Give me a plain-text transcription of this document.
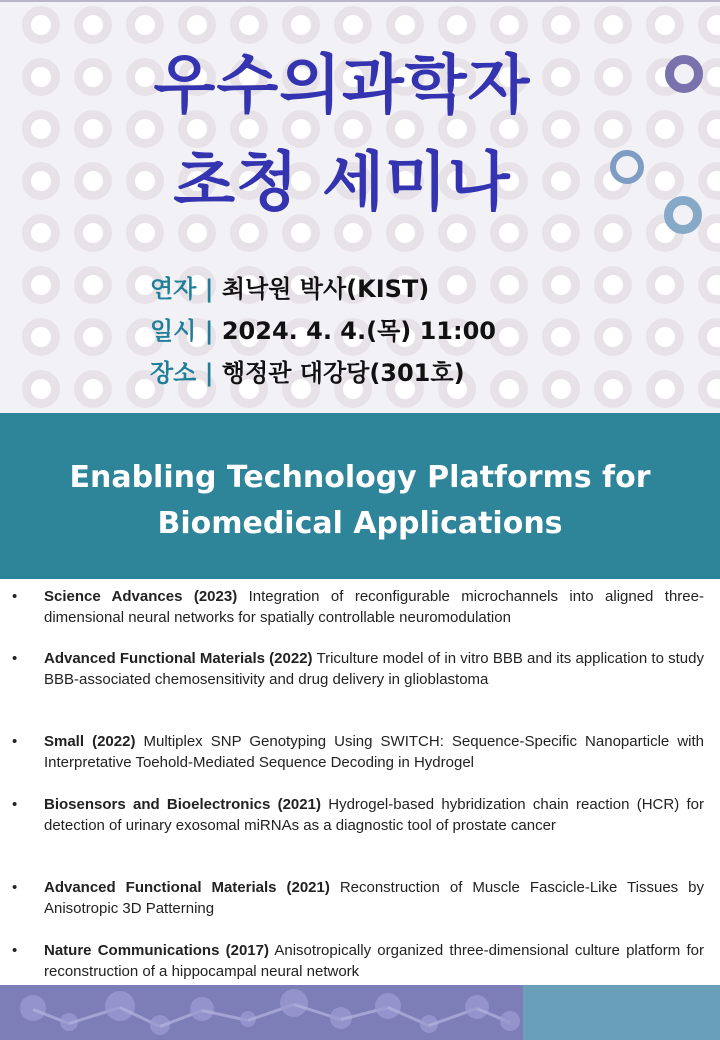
우수의과학자
초청 세미나
연자 | 최낙원 박사(KIST)
일시 | 2024. 4. 4.(목) 11:00
장소 | 행정관 대강당(301호)
Enabling Technology Platforms for
Biomedical Applications
• Science Advances (2023) Integration of reconfigurable microchannels into aligned three-dimensional neural networks for spatially controllable neuromodulation
• Advanced Functional Materials (2022) Triculture model of in vitro BBB and its application to study BBB-associated chemosensitivity and drug delivery in glioblastoma
• Small (2022) Multiplex SNP Genotyping Using SWITCH: Sequence-Specific Nanoparticle with Interpretative Toehold-Mediated Sequence Decoding in Hydrogel
• Biosensors and Bioelectronics (2021) Hydrogel-based hybridization chain reaction (HCR) for detection of urinary exosomal miRNAs as a diagnostic tool of prostate cancer
• Advanced Functional Materials (2021) Reconstruction of Muscle Fascicle-Like Tissues by Anisotropic 3D Patterning
• Nature Communications (2017) Anisotropically organized three-dimensional culture platform for reconstruction of a hippocampal neural network
